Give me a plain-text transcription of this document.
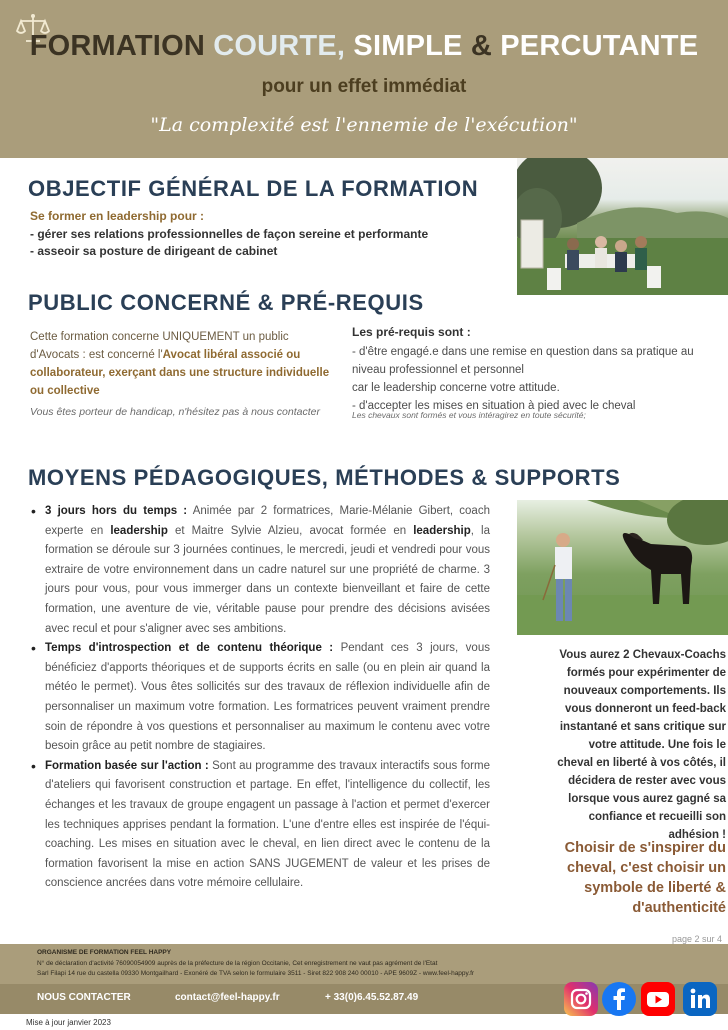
FORMATION COURTE, SIMPLE & PERCUTANTE
pour un effet immédiat
"La complexité est l'ennemie de l'exécution"
OBJECTIF GÉNÉRAL DE LA FORMATION
Se former en leadership pour :
- gérer ses relations professionnelles de façon sereine et performante
- asseoir sa posture de dirigeant de cabinet
PUBLIC CONCERNÉ & PRÉ-REQUIS
Cette formation concerne UNIQUEMENT un public d'Avocats : est concerné l'Avocat libéral associé ou collaborateur, exerçant dans une structure individuelle ou collective
Vous êtes porteur de handicap, n'hésitez pas à nous contacter
Les pré-requis sont :
- d'être engagé.e dans une remise en question dans sa pratique au niveau professionnel et personnel
car le leadership concerne votre attitude.
- d'accepter les mises en situation à pied avec le cheval
Les chevaux sont formés et vous intéragirez en toute sécurité;
MOYENS PÉDAGOGIQUES, MÉTHODES & SUPPORTS
• 3 jours hors du temps : Animée par 2 formatrices, Marie-Mélanie Gibert, coach experte en leadership et Maitre Sylvie Alzieu, avocat formée en leadership, la formation se déroule sur 3 journées continues, le mercredi, jeudi et vendredi pour vous extraire de votre environnement dans un cadre naturel sur une propriété de charme. 3 jours pour vous, pour vous immerger dans un contexte bienveillant et faire de cette formation, une aventure de vie, véritable pause pour prendre des décisions avisées avec recul et pour s'aligner avec ses ambitions.
• Temps d'introspection et de contenu théorique : Pendant ces 3 jours, vous bénéficiez d'apports théoriques et de supports écrits en salle (ou en plein air quand la météo le permet). Vous êtes sollicités sur des travaux de réflexion individuelle afin de personnaliser un maximum votre formation. Les formatrices peuvent vraiment prendre soin de répondre à vos questions et personnaliser au maximum le contenu avec votre besoin grâce au petit nombre de stagiaires.
• Formation basée sur l'action : Sont au programme des travaux interactifs sous forme d'ateliers qui favorisent construction et partage. En effet, l'intelligence du collectif, les échanges et les travaux de groupe engagent un passage à l'action et permet d'exercer les techniques apprises pendant la formation. L'une d'entre elles est inspirée de l'équi-coaching. Les mises en situation avec le cheval, en lien direct avec le contenu de la formation favorisent la mise en action SANS JUGEMENT de valeur et les prises de conscience ancrées dans votre mémoire cellulaire.
Vous aurez 2 Chevaux-Coachs formés pour expérimenter de nouveaux comportements. Ils vous donneront un feed-back instantané et sans critique sur votre attitude. Une fois le cheval en liberté à vos côtés, il décidera de rester avec vous lorsque vous aurez gagné sa confiance et recueilli son adhésion !
Choisir de s'inspirer du cheval, c'est choisir un symbole de liberté & d'authenticité
page 2 sur 4
ORGANISME DE FORMATION FEEL HAPPY
N° de déclaration d'activité 76090054909 auprès de la préfecture de la région Occitanie, Cet enregistrement ne vaut pas agrément de l'Etat
Sarl Filapi 14 rue du castella 09330 Montgailhard - Exonéré de TVA selon le formulaire 3511 - Siret 822 908 240 00010 - APE 9609Z - www.feel-happy.fr
NOUS CONTACTER	contact@feel-happy.fr	+ 33(0)6.45.52.87.49
Mise à jour janvier 2023
